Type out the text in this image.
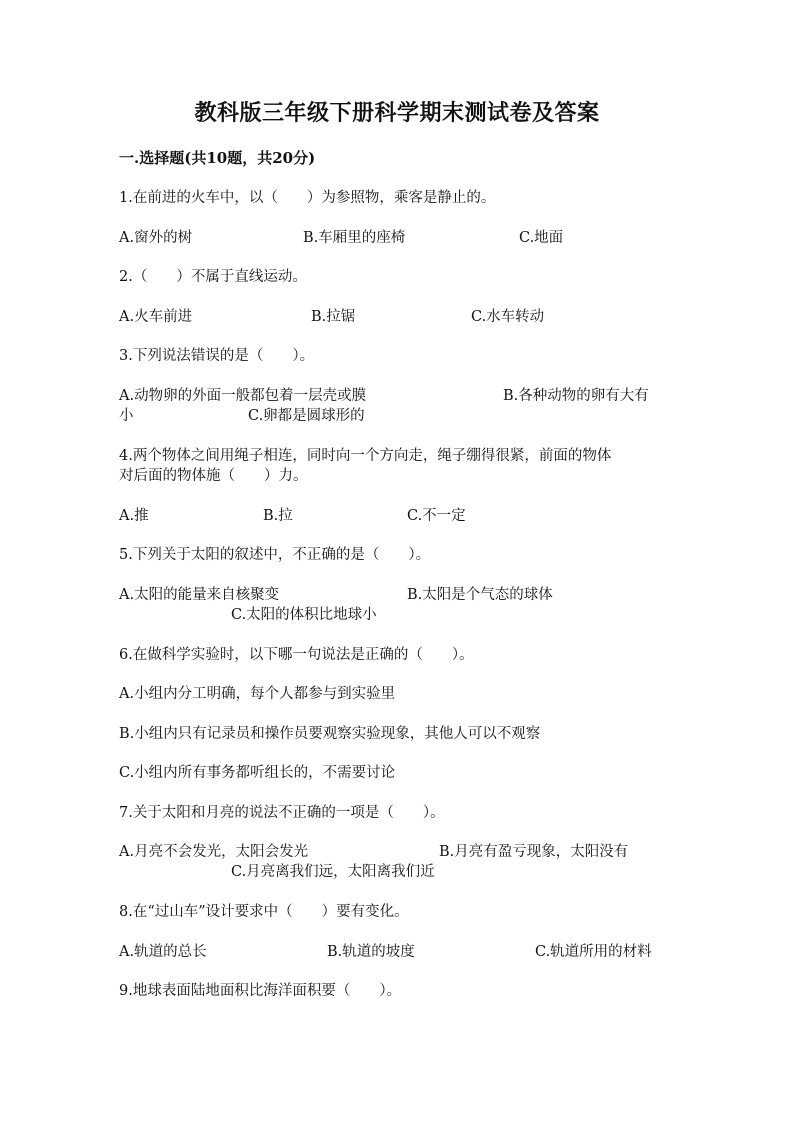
教科版三年级下册科学期末测试卷及答案
一.选择题(共10题，共20分)
1.在前进的火车中，以（　　）为参照物，乘客是静止的。
A.窗外的树	B.车厢里的座椅	C.地面
2.（　　）不属于直线运动。
A.火车前进	B.拉锯	C.水车转动
3.下列说法错误的是（　　）。
A.动物卵的外面一般都包着一层壳或膜	B.各种动物的卵有大有
小	C.卵都是圆球形的
4.两个物体之间用绳子相连，同时向一个方向走，绳子绷得很紧，前面的物体
对后面的物体施（　　）力。
A.推	B.拉	C.不一定
5.下列关于太阳的叙述中，不正确的是（　　）。
A.太阳的能量来自核聚变	B.太阳是个气态的球体
C.太阳的体积比地球小
6.在做科学实验时，以下哪一句说法是正确的（　　）。
A.小组内分工明确，每个人都参与到实验里
B.小组内只有记录员和操作员要观察实验现象，其他人可以不观察
C.小组内所有事务都听组长的，不需要讨论
7.关于太阳和月亮的说法不正确的一项是（　　）。
A.月亮不会发光，太阳会发光	B.月亮有盈亏现象，太阳没有
C.月亮离我们远，太阳离我们近
8.在“过山车”设计要求中（　　）要有变化。
A.轨道的总长	B.轨道的坡度	C.轨道所用的材料
9.地球表面陆地面积比海洋面积要（　　）。
